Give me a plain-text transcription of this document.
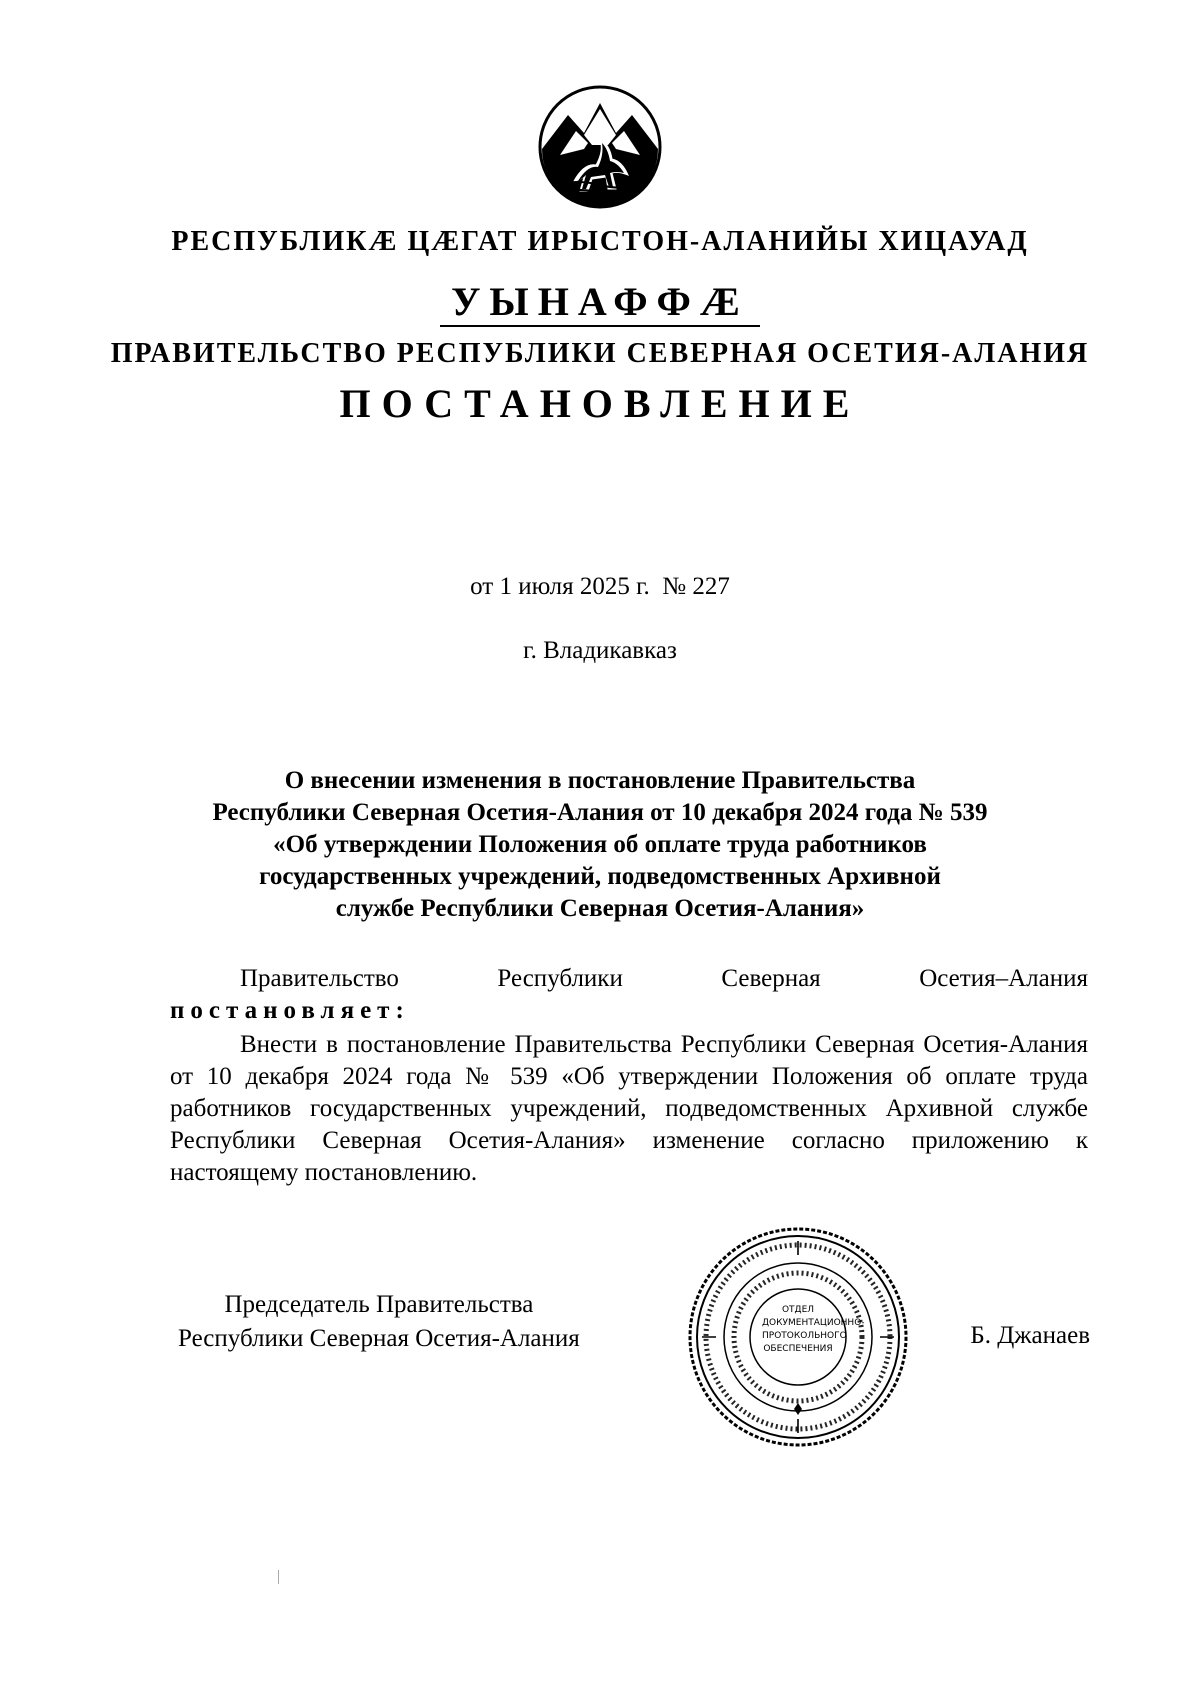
РЕСПУБЛИКÆ ЦÆГАТ ИРЫСТОН-АЛАНИЙЫ ХИЦАУАД
УЫНАФФÆ
ПРАВИТЕЛЬСТВО РЕСПУБЛИКИ СЕВЕРНАЯ ОСЕТИЯ-АЛАНИЯ
ПОСТАНОВЛЕНИЕ
от 1 июля 2025 г. № 227
г. Владикавказ
О внесении изменения в постановление Правительства
Республики Северная Осетия-Алания от 10 декабря 2024 года № 539
«Об утверждении Положения об оплате труда работников
государственных учреждений, подведомственных Архивной
службе Республики Северная Осетия-Алания»
Правительство	Республики	Северная	Осетия–Алания
постановляет:
Внести в постановление Правительства Республики Северная Осетия-Алания от 10 декабря 2024 года № 539 «Об утверждении Положения об оплате труда работников государственных учреждений, подведомственных Архивной службе Республики Северная Осетия-Алания» изменение согласно приложению к настоящему постановлению.
Председатель Правительства
Республики Северная Осетия-Алания	Б. Джанаев
ОТДЕЛ
ДОКУМЕНТАЦИОННО-
ПРОТОКОЛЬНОГО
ОБЕСПЕЧЕНИЯ
